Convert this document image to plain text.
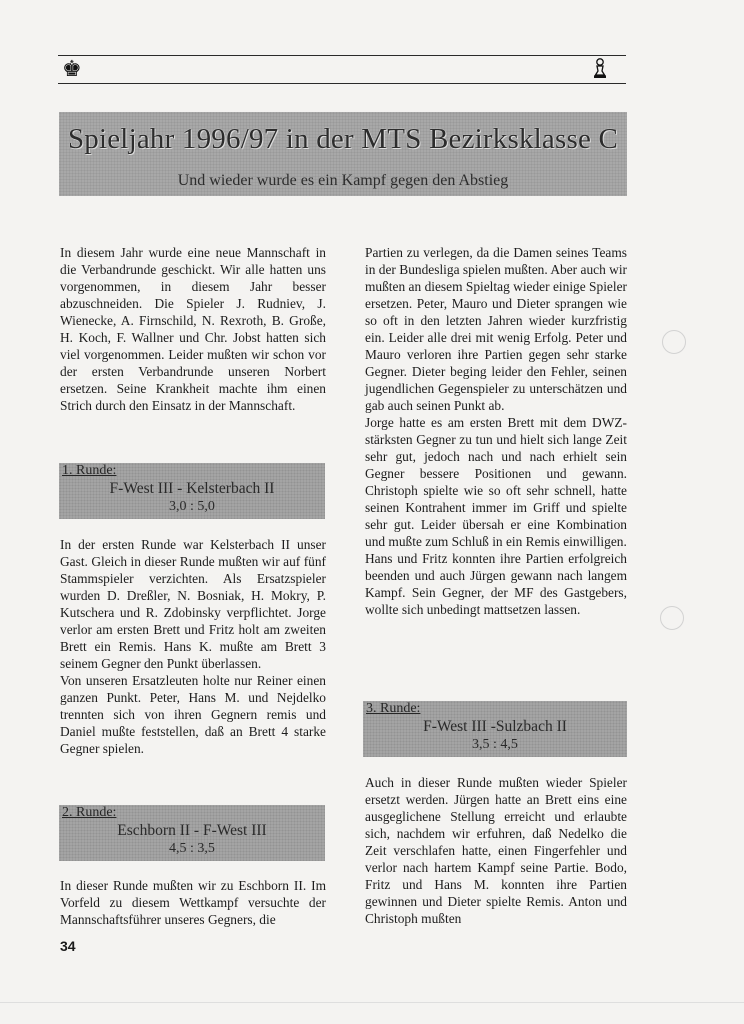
♚
Spieljahr 1996/97 in der MTS Bezirksklasse C
Und wieder wurde es ein Kampf gegen den Abstieg

In diesem Jahr wurde eine neue Mannschaft in die Verbandrunde geschickt. Wir alle hatten uns vorgenommen, in diesem Jahr besser abzuschneiden. Die Spieler J. Rudniev, J. Wienecke, A. Firnschild, N. Rexroth, B. Große, H. Koch, F. Wallner und Chr. Jobst hatten sich viel vorgenommen. Leider mußten wir schon vor der ersten Verbandrunde unseren Norbert ersetzen. Seine Krankheit machte ihm einen Strich durch den Einsatz in der Mannschaft.

1. Runde:
F-West III - Kelsterbach II
3,0 : 5,0

In der ersten Runde war Kelsterbach II unser Gast. Gleich in dieser Runde mußten wir auf fünf Stammspieler verzichten. Als Ersatzspieler wurden D. Dreßler, N. Bosniak, H. Mokry, P. Kutschera und R. Zdobinsky verpflichtet. Jorge verlor am ersten Brett und Fritz holt am zweiten Brett ein Remis. Hans K. mußte am Brett 3 seinem Gegner den Punkt überlassen.

Von unseren Ersatzleuten holte nur Reiner einen ganzen Punkt. Peter, Hans M. und Nejdelko trennten sich von ihren Gegnern remis und Daniel mußte feststellen, daß an Brett 4 starke Gegner spielen.

2. Runde:
Eschborn II - F-West III
4,5 : 3,5

In dieser Runde mußten wir zu Eschborn II. Im Vorfeld zu diesem Wettkampf versuchte der Mannschaftsführer unseres Gegners, die

34

Partien zu verlegen, da die Damen seines Teams in der Bundesliga spielen mußten. Aber auch wir mußten an diesem Spieltag wieder einige Spieler ersetzen. Peter, Mauro und Dieter sprangen wie so oft in den letzten Jahren wieder kurzfristig ein. Leider alle drei mit wenig Erfolg. Peter und Mauro verloren ihre Partien gegen sehr starke Gegner. Dieter beging leider den Fehler, seinen jugendlichen Gegenspieler zu unterschätzen und gab auch seinen Punkt ab.

Jorge hatte es am ersten Brett mit dem DWZ-stärksten Gegner zu tun und hielt sich lange Zeit sehr gut, jedoch nach und nach erhielt sein Gegner bessere Positionen und gewann. Christoph spielte wie so oft sehr schnell, hatte seinen Kontrahent immer im Griff und spielte sehr gut. Leider übersah er eine Kombination und mußte zum Schluß in ein Remis einwilligen.

Hans und Fritz konnten ihre Partien erfolgreich beenden und auch Jürgen gewann nach langem Kampf. Sein Gegner, der MF des Gastgebers, wollte sich unbedingt mattsetzen lassen.

3. Runde:
F-West III -Sulzbach II
3,5 : 4,5

Auch in dieser Runde mußten wieder Spieler ersetzt werden. Jürgen hatte an Brett eins eine ausgeglichene Stellung erreicht und erlaubte sich, nachdem wir erfuhren, daß Nedelko die Zeit verschlafen hatte, einen Fingerfehler und verlor nach hartem Kampf seine Partie. Bodo, Fritz und Hans M. konnten ihre Partien gewinnen und Dieter spielte Remis. Anton und Christoph mußten
